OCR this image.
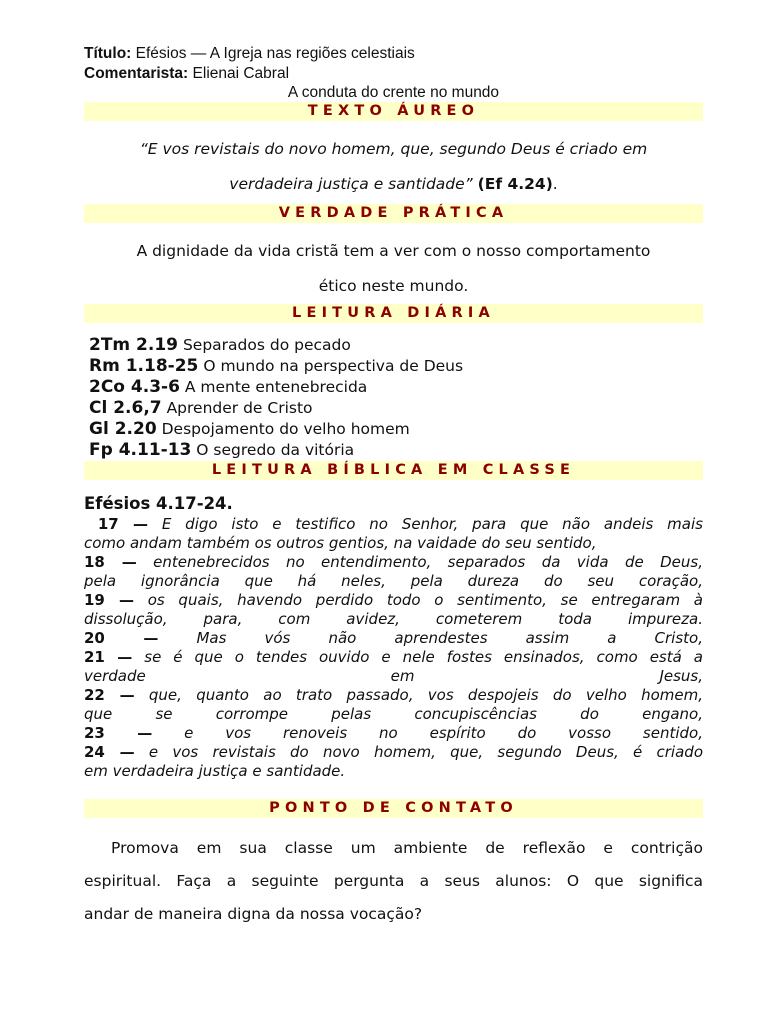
Título: Efésios — A Igreja nas regiões celestiais
Comentarista: Elienai Cabral
A conduta do crente no mundo
TEXTO ÁUREO
“E vos revistais do novo homem, que, segundo Deus é criado em
verdadeira justiça e santidade” (Ef 4.24).
VERDADE PRÁTICA
A dignidade da vida cristã tem a ver com o nosso comportamento
ético neste mundo.
LEITURA DIÁRIA
2Tm 2.19 Separados do pecado
Rm 1.18-25 O mundo na perspectiva de Deus
2Co 4.3-6 A mente entenebrecida
Cl 2.6,7 Aprender de Cristo
Gl 2.20 Despojamento do velho homem
Fp 4.11-13 O segredo da vitória
LEITURA BÍBLICA EM CLASSE
Efésios 4.17-24.
17 — E digo isto e testifico no Senhor, para que não andeis mais
como andam também os outros gentios, na vaidade do seu sentido,
18 — entenebrecidos no entendimento, separados da vida de Deus,
pela ignorância que há neles, pela dureza do seu coração,
19 — os quais, havendo perdido todo o sentimento, se entregaram à
dissolução, para, com avidez, cometerem toda impureza.
20 —	Mas vós não aprendestes assim a Cristo,
21 — se é que o tendes ouvido e nele fostes ensinados, como está a
verdade em Jesus,
22 — que, quanto ao trato passado, vos despojeis do velho homem,
que se corrompe pelas concupiscências do engano,
23 — e vos renoveis no espírito do vosso sentido,
24 — e vos revistais do novo homem, que, segundo Deus, é criado
em verdadeira justiça e santidade.
PONTO DE CONTATO
Promova em sua classe um ambiente de reflexão e contrição
espiritual. Faça a seguinte pergunta a seus alunos: O que significa
andar de maneira digna da nossa vocação?
